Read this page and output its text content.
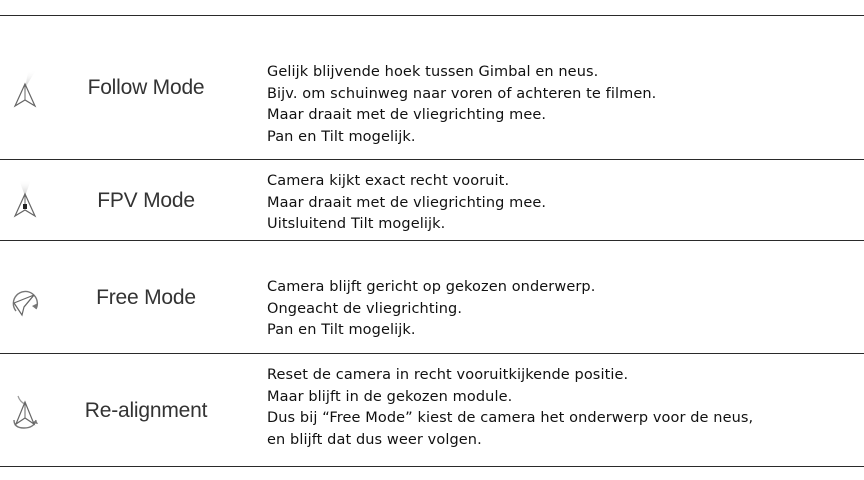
Follow Mode
Gelijk blijvende hoek tussen Gimbal en neus.
Bijv. om schuinweg naar voren of achteren te filmen.
Maar draait met de vliegrichting mee.
Pan en Tilt mogelijk.
FPV Mode
Camera kijkt exact recht vooruit.
Maar draait met de vliegrichting mee.
Uitsluitend Tilt mogelijk.
Free Mode	Camera blijft gericht op gekozen onderwerp.
Ongeacht de vliegrichting.
Pan en Tilt mogelijk.
Re-alignment
Reset de camera in recht vooruitkijkende positie.
Maar blijft in de gekozen module.
Dus bij “Free Mode” kiest de camera het onderwerp voor de neus,
en blijft dat dus weer volgen.
